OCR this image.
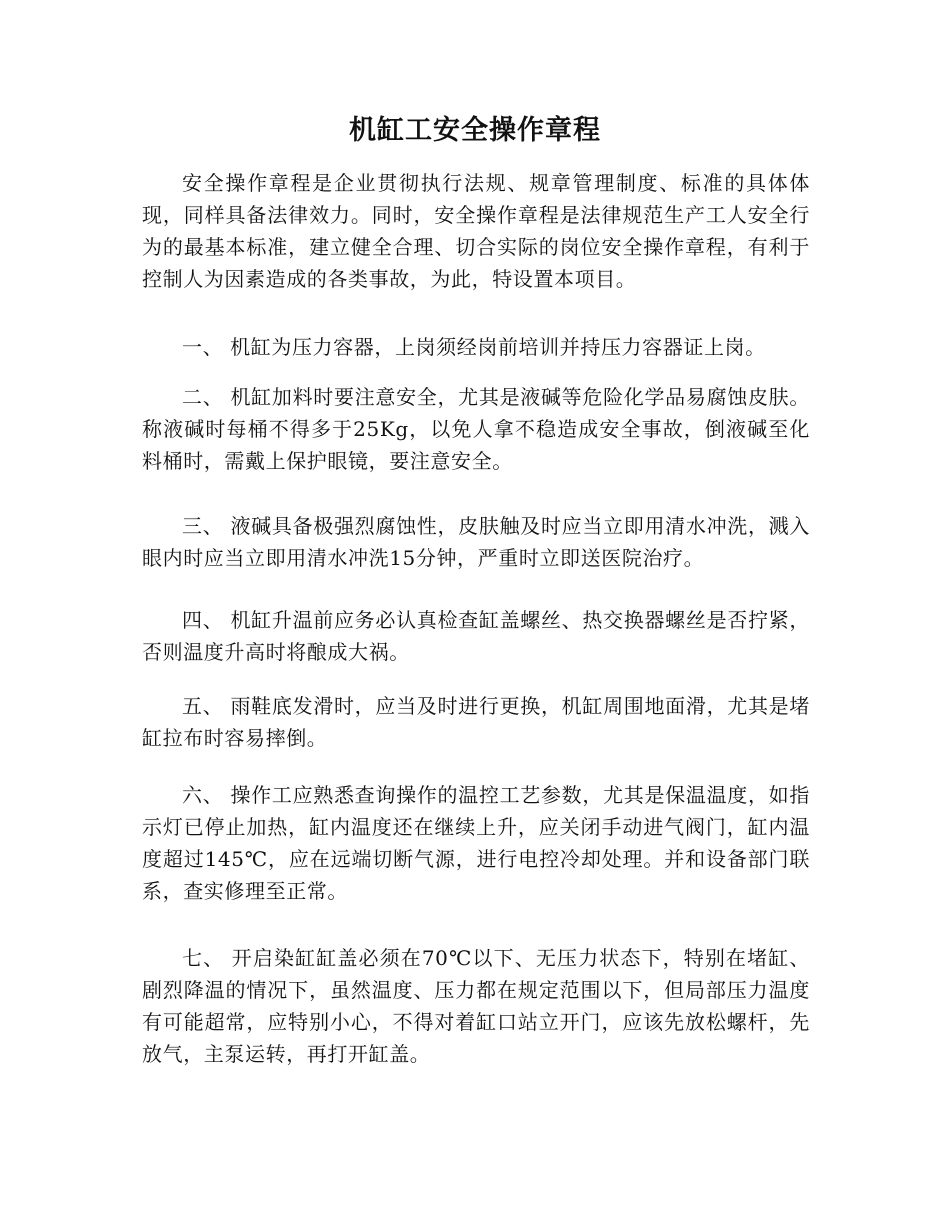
机缸工安全操作章程

安全操作章程是企业贯彻执行法规、规章管理制度、标准的具体体现，同样具备法律效力。同时，安全操作章程是法律规范生产工人安全行为的最基本标准，建立健全合理、切合实际的岗位安全操作章程，有利于控制人为因素造成的各类事故，为此，特设置本项目。

一、 机缸为压力容器，上岗须经岗前培训并持压力容器证上岗。

二、 机缸加料时要注意安全，尤其是液碱等危险化学品易腐蚀皮肤。称液碱时每桶不得多于25Kg，以免人拿不稳造成安全事故，倒液碱至化料桶时，需戴上保护眼镜，要注意安全。

三、 液碱具备极强烈腐蚀性，皮肤触及时应当立即用清水冲洗，溅入眼内时应当立即用清水冲洗15分钟，严重时立即送医院治疗。

四、 机缸升温前应务必认真检查缸盖螺丝、热交换器螺丝是否拧紧，否则温度升高时将酿成大祸。

五、 雨鞋底发滑时，应当及时进行更换，机缸周围地面滑，尤其是堵缸拉布时容易摔倒。

六、 操作工应熟悉查询操作的温控工艺参数，尤其是保温温度，如指示灯已停止加热，缸内温度还在继续上升，应关闭手动进气阀门，缸内温度超过145℃，应在远端切断气源，进行电控冷却处理。并和设备部门联系，查实修理至正常。

七、 开启染缸缸盖必须在70℃以下、无压力状态下，特别在堵缸、剧烈降温的情况下，虽然温度、压力都在规定范围以下，但局部压力温度有可能超常，应特别小心，不得对着缸口站立开门，应该先放松螺杆，先放气，主泵运转，再打开缸盖。
